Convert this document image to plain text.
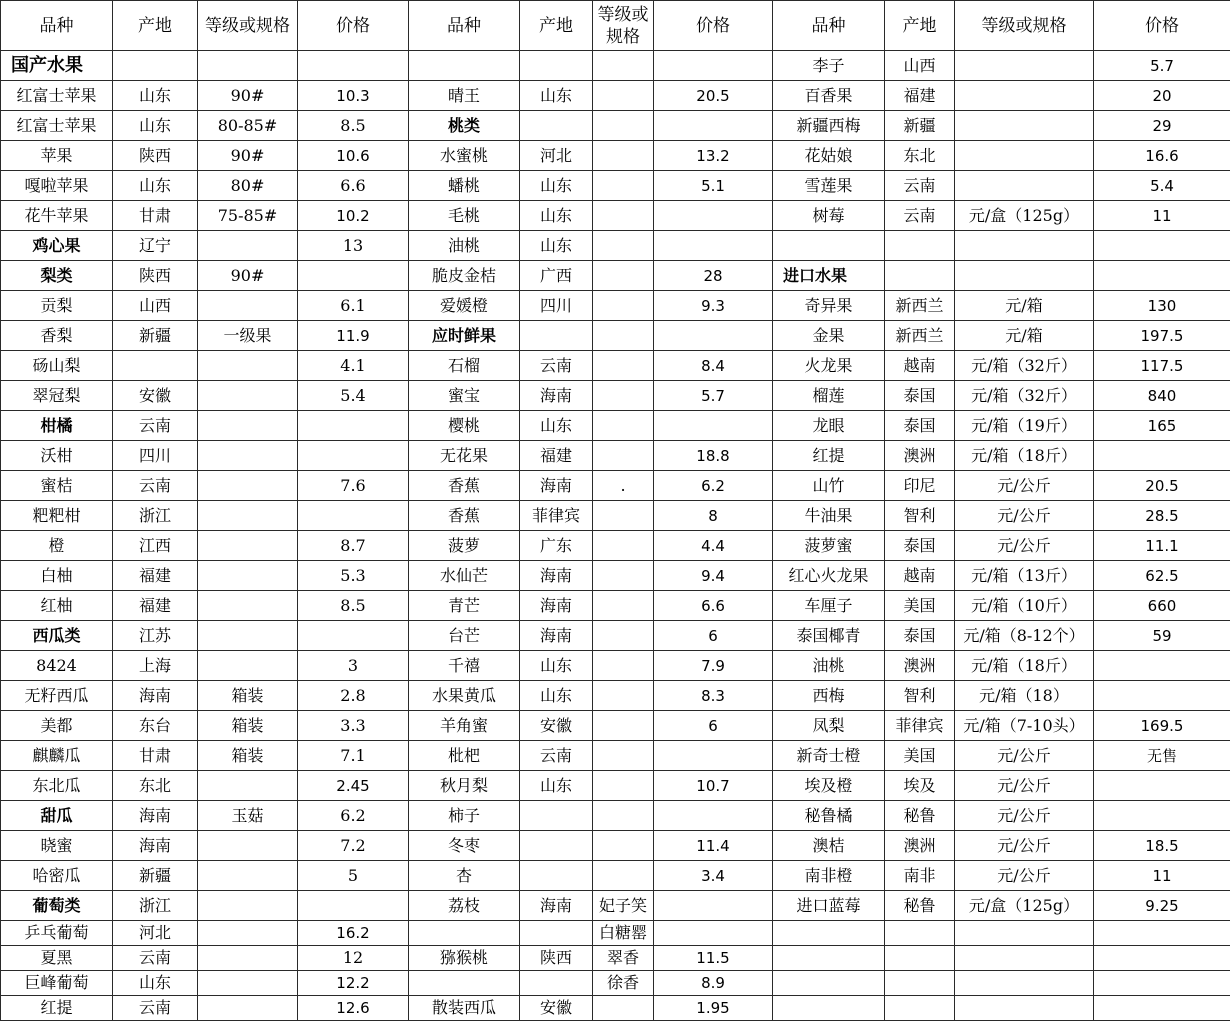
品种	产地	等级或规格	价格	品种	产地	等级或规格	价格	品种	产地	等级或规格	价格
国产水果								李子	山西		5.7
红富士苹果	山东	90#	10.3	晴王	山东		20.5	百香果	福建		20
红富士苹果	山东	80-85#	8.5	桃类				新疆西梅	新疆		29
苹果	陕西	90#	10.6	水蜜桃	河北		13.2	花姑娘	东北		16.6
嘎啦苹果	山东	80#	6.6	蟠桃	山东		5.1	雪莲果	云南		5.4
花牛苹果	甘肃	75-85#	10.2	毛桃	山东			树莓	云南	元/盒（125g）	11
鸡心果	辽宁		13	油桃	山东						
梨类	陕西	90#		脆皮金桔	广西		28	进口水果			
贡梨	山西		6.1	爱媛橙	四川		9.3	奇异果	新西兰	元/箱	130
香梨	新疆	一级果	11.9	应时鲜果				金果	新西兰	元/箱	197.5
砀山梨			4.1	石榴	云南		8.4	火龙果	越南	元/箱（32斤）	117.5
翠冠梨	安徽		5.4	蜜宝	海南		5.7	榴莲	泰国	元/箱（32斤）	840
柑橘	云南			樱桃	山东			龙眼	泰国	元/箱（19斤）	165
沃柑	四川			无花果	福建		18.8	红提	澳洲	元/箱（18斤）	
蜜桔	云南		7.6	香蕉	海南	.	6.2	山竹	印尼	元/公斤	20.5
粑粑柑	浙江			香蕉	菲律宾		8	牛油果	智利	元/公斤	28.5
橙	江西		8.7	菠萝	广东		4.4	菠萝蜜	泰国	元/公斤	11.1
白柚	福建		5.3	水仙芒	海南		9.4	红心火龙果	越南	元/箱（13斤）	62.5
红柚	福建		8.5	青芒	海南		6.6	车厘子	美国	元/箱（10斤）	660
西瓜类	江苏			台芒	海南		6	泰国椰青	泰国	元/箱（8-12个）	59
8424	上海		3	千禧	山东		7.9	油桃	澳洲	元/箱（18斤）	
无籽西瓜	海南	箱装	2.8	水果黄瓜	山东		8.3	西梅	智利	元/箱（18）	
美都	东台	箱装	3.3	羊角蜜	安徽		6	凤梨	菲律宾	元/箱（7-10头）	169.5
麒麟瓜	甘肃	箱装	7.1	枇杷	云南			新奇士橙	美国	元/公斤	无售
东北瓜	东北		2.45	秋月梨	山东		10.7	埃及橙	埃及	元/公斤	
甜瓜	海南	玉菇	6.2	柿子				秘鲁橘	秘鲁	元/公斤	
晓蜜	海南		7.2	冬枣			11.4	澳桔	澳洲	元/公斤	18.5
哈密瓜	新疆		5	杏			3.4	南非橙	南非	元/公斤	11
葡萄类	浙江			荔枝	海南	妃子笑		进口蓝莓	秘鲁	元/盒（125g）	9.25
乒乓葡萄	河北		16.2			白糖罂					
夏黑	云南		12	猕猴桃	陕西	翠香	11.5				
巨峰葡萄	山东		12.2			徐香	8.9				
红提	云南		12.6	散装西瓜	安徽		1.95				
